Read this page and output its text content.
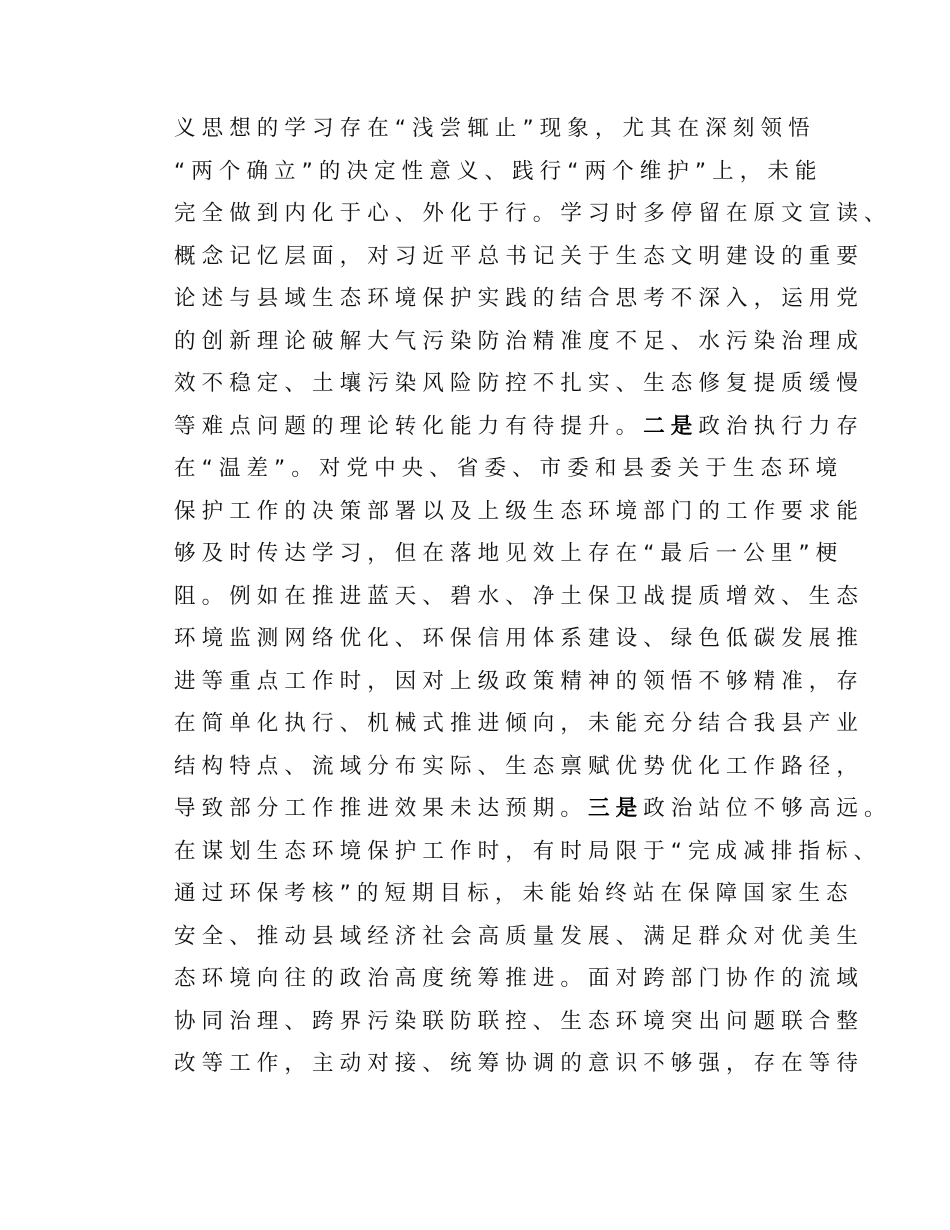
义思想的学习存在“浅尝辄止”现象，尤其在深刻领悟
“两个确立”的决定性意义、践行“两个维护”上，未能
完全做到内化于心、外化于行。学习时多停留在原文宣读、
概念记忆层面，对习近平总书记关于生态文明建设的重要
论述与县域生态环境保护实践的结合思考不深入，运用党
的创新理论破解大气污染防治精准度不足、水污染治理成
效不稳定、土壤污染风险防控不扎实、生态修复提质缓慢
等难点问题的理论转化能力有待提升。二是政治执行力存
在“温差”。对党中央、省委、市委和县委关于生态环境
保护工作的决策部署以及上级生态环境部门的工作要求能
够及时传达学习，但在落地见效上存在“最后一公里”梗
阻。例如在推进蓝天、碧水、净土保卫战提质增效、生态
环境监测网络优化、环保信用体系建设、绿色低碳发展推
进等重点工作时，因对上级政策精神的领悟不够精准，存
在简单化执行、机械式推进倾向，未能充分结合我县产业
结构特点、流域分布实际、生态禀赋优势优化工作路径，
导致部分工作推进效果未达预期。三是政治站位不够高远。
在谋划生态环境保护工作时，有时局限于“完成减排指标、
通过环保考核”的短期目标，未能始终站在保障国家生态
安全、推动县域经济社会高质量发展、满足群众对优美生
态环境向往的政治高度统筹推进。面对跨部门协作的流域
协同治理、跨界污染联防联控、生态环境突出问题联合整
改等工作，主动对接、统筹协调的意识不够强，存在等待
